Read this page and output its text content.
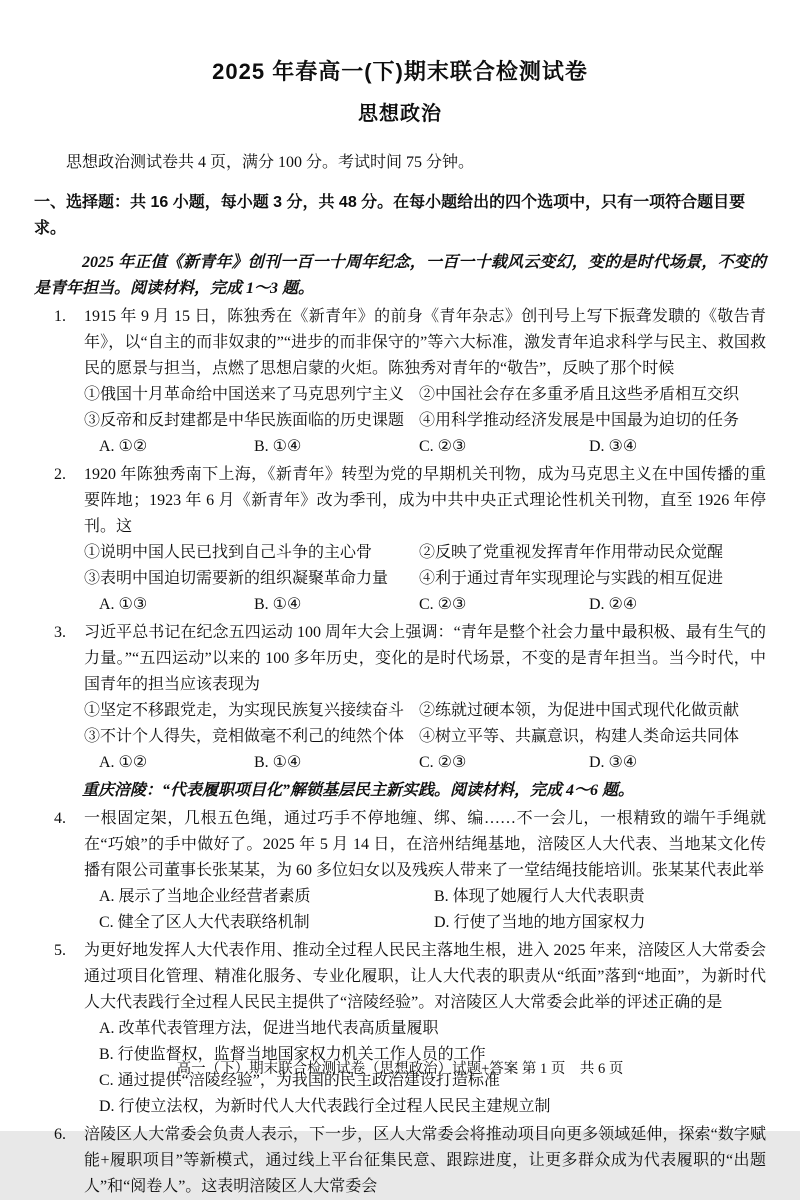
2025 年春高一(下)期末联合检测试卷
思想政治

思想政治测试卷共 4 页，满分 100 分。考试时间 75 分钟。

一、选择题：共 16 小题，每小题 3 分，共 48 分。在每小题给出的四个选项中，只有一项符合题目要求。

2025 年正值《新青年》创刊一百一十周年纪念，一百一十载风云变幻，变的是时代场景，不变的是青年担当。阅读材料，完成 1～3 题。

1. 1915 年 9 月 15 日，陈独秀在《新青年》的前身《青年杂志》创刊号上写下振聋发聩的《敬告青年》，以“自主的而非奴隶的”“进步的而非保守的”等六大标准，激发青年追求科学与民主、救国救民的愿景与担当，点燃了思想启蒙的火炬。陈独秀对青年的“敬告”，反映了那个时候

①俄国十月革命给中国送来了马克思列宁主义 ②中国社会存在多重矛盾且这些矛盾相互交织
③反帝和反封建都是中华民族面临的历史课题 ④用科学推动经济发展是中国最为迫切的任务
A. ①②	B. ①④	C. ②③	D. ③④
2. 1920 年陈独秀南下上海，《新青年》转型为党的早期机关刊物，成为马克思主义在中国传播的重要阵地；1923 年 6 月《新青年》改为季刊，成为中共中央正式理论性机关刊物，直至 1926 年停刊。这

①说明中国人民已找到自己斗争的主心骨	②反映了党重视发挥青年作用带动民众觉醒
③表明中国迫切需要新的组织凝聚革命力量	④利于通过青年实现理论与实践的相互促进
A. ①③	B. ①④	C. ②③	D. ②④
3. 习近平总书记在纪念五四运动 100 周年大会上强调：“青年是整个社会力量中最积极、最有生气的力量。”“五四运动”以来的 100 多年历史，变化的是时代场景，不变的是青年担当。当今时代，中国青年的担当应该表现为

①坚定不移跟党走，为实现民族复兴接续奋斗 ②练就过硬本领，为促进中国式现代化做贡献
③不计个人得失，竞相做毫不利己的纯然个体 ④树立平等、共赢意识，构建人类命运共同体
A. ①②	B. ①④	C. ②③	D. ③④

重庆涪陵：“代表履职项目化”解锁基层民主新实践。阅读材料，完成 4～6 题。

4. 一根固定架，几根五色绳，通过巧手不停地缠、绑、编……不一会儿，一根精致的端午手绳就在“巧娘”的手中做好了。2025 年 5 月 14 日，在涪州结绳基地，涪陵区人大代表、当地某文化传播有限公司董事长张某某，为 60 多位妇女以及残疾人带来了一堂结绳技能培训。张某某代表此举

A. 展示了当地企业经营者素质	B. 体现了她履行人大代表职责
C. 健全了区人大代表联络机制	D. 行使了当地的地方国家权力
5. 为更好地发挥人大代表作用、推动全过程人民民主落地生根，进入 2025 年来，涪陵区人大常委会通过项目化管理、精准化服务、专业化履职，让人大代表的职责从“纸面”落到“地面”，为新时代人大代表践行全过程人民民主提供了“涪陵经验”。对涪陵区人大常委会此举的评述正确的是

A. 改革代表管理方法，促进当地代表高质量履职
B. 行使监督权，监督当地国家权力机关工作人员的工作
C. 通过提供“涪陵经验”，为我国的民主政治建设打造标准
D. 行使立法权，为新时代人大代表践行全过程人民民主建规立制
6. 涪陵区人大常委会负责人表示，下一步，区人大常委会将推动项目向更多领域延伸，探索“数字赋能+履职项目”等新模式，通过线上平台征集民意、跟踪进度，让更多群众成为代表履职的“出题人”和“阅卷人”。这表明涪陵区人大常委会

高一（下）期末联合检测试卷（思想政治）试题+答案 第 1 页　共 6 页
